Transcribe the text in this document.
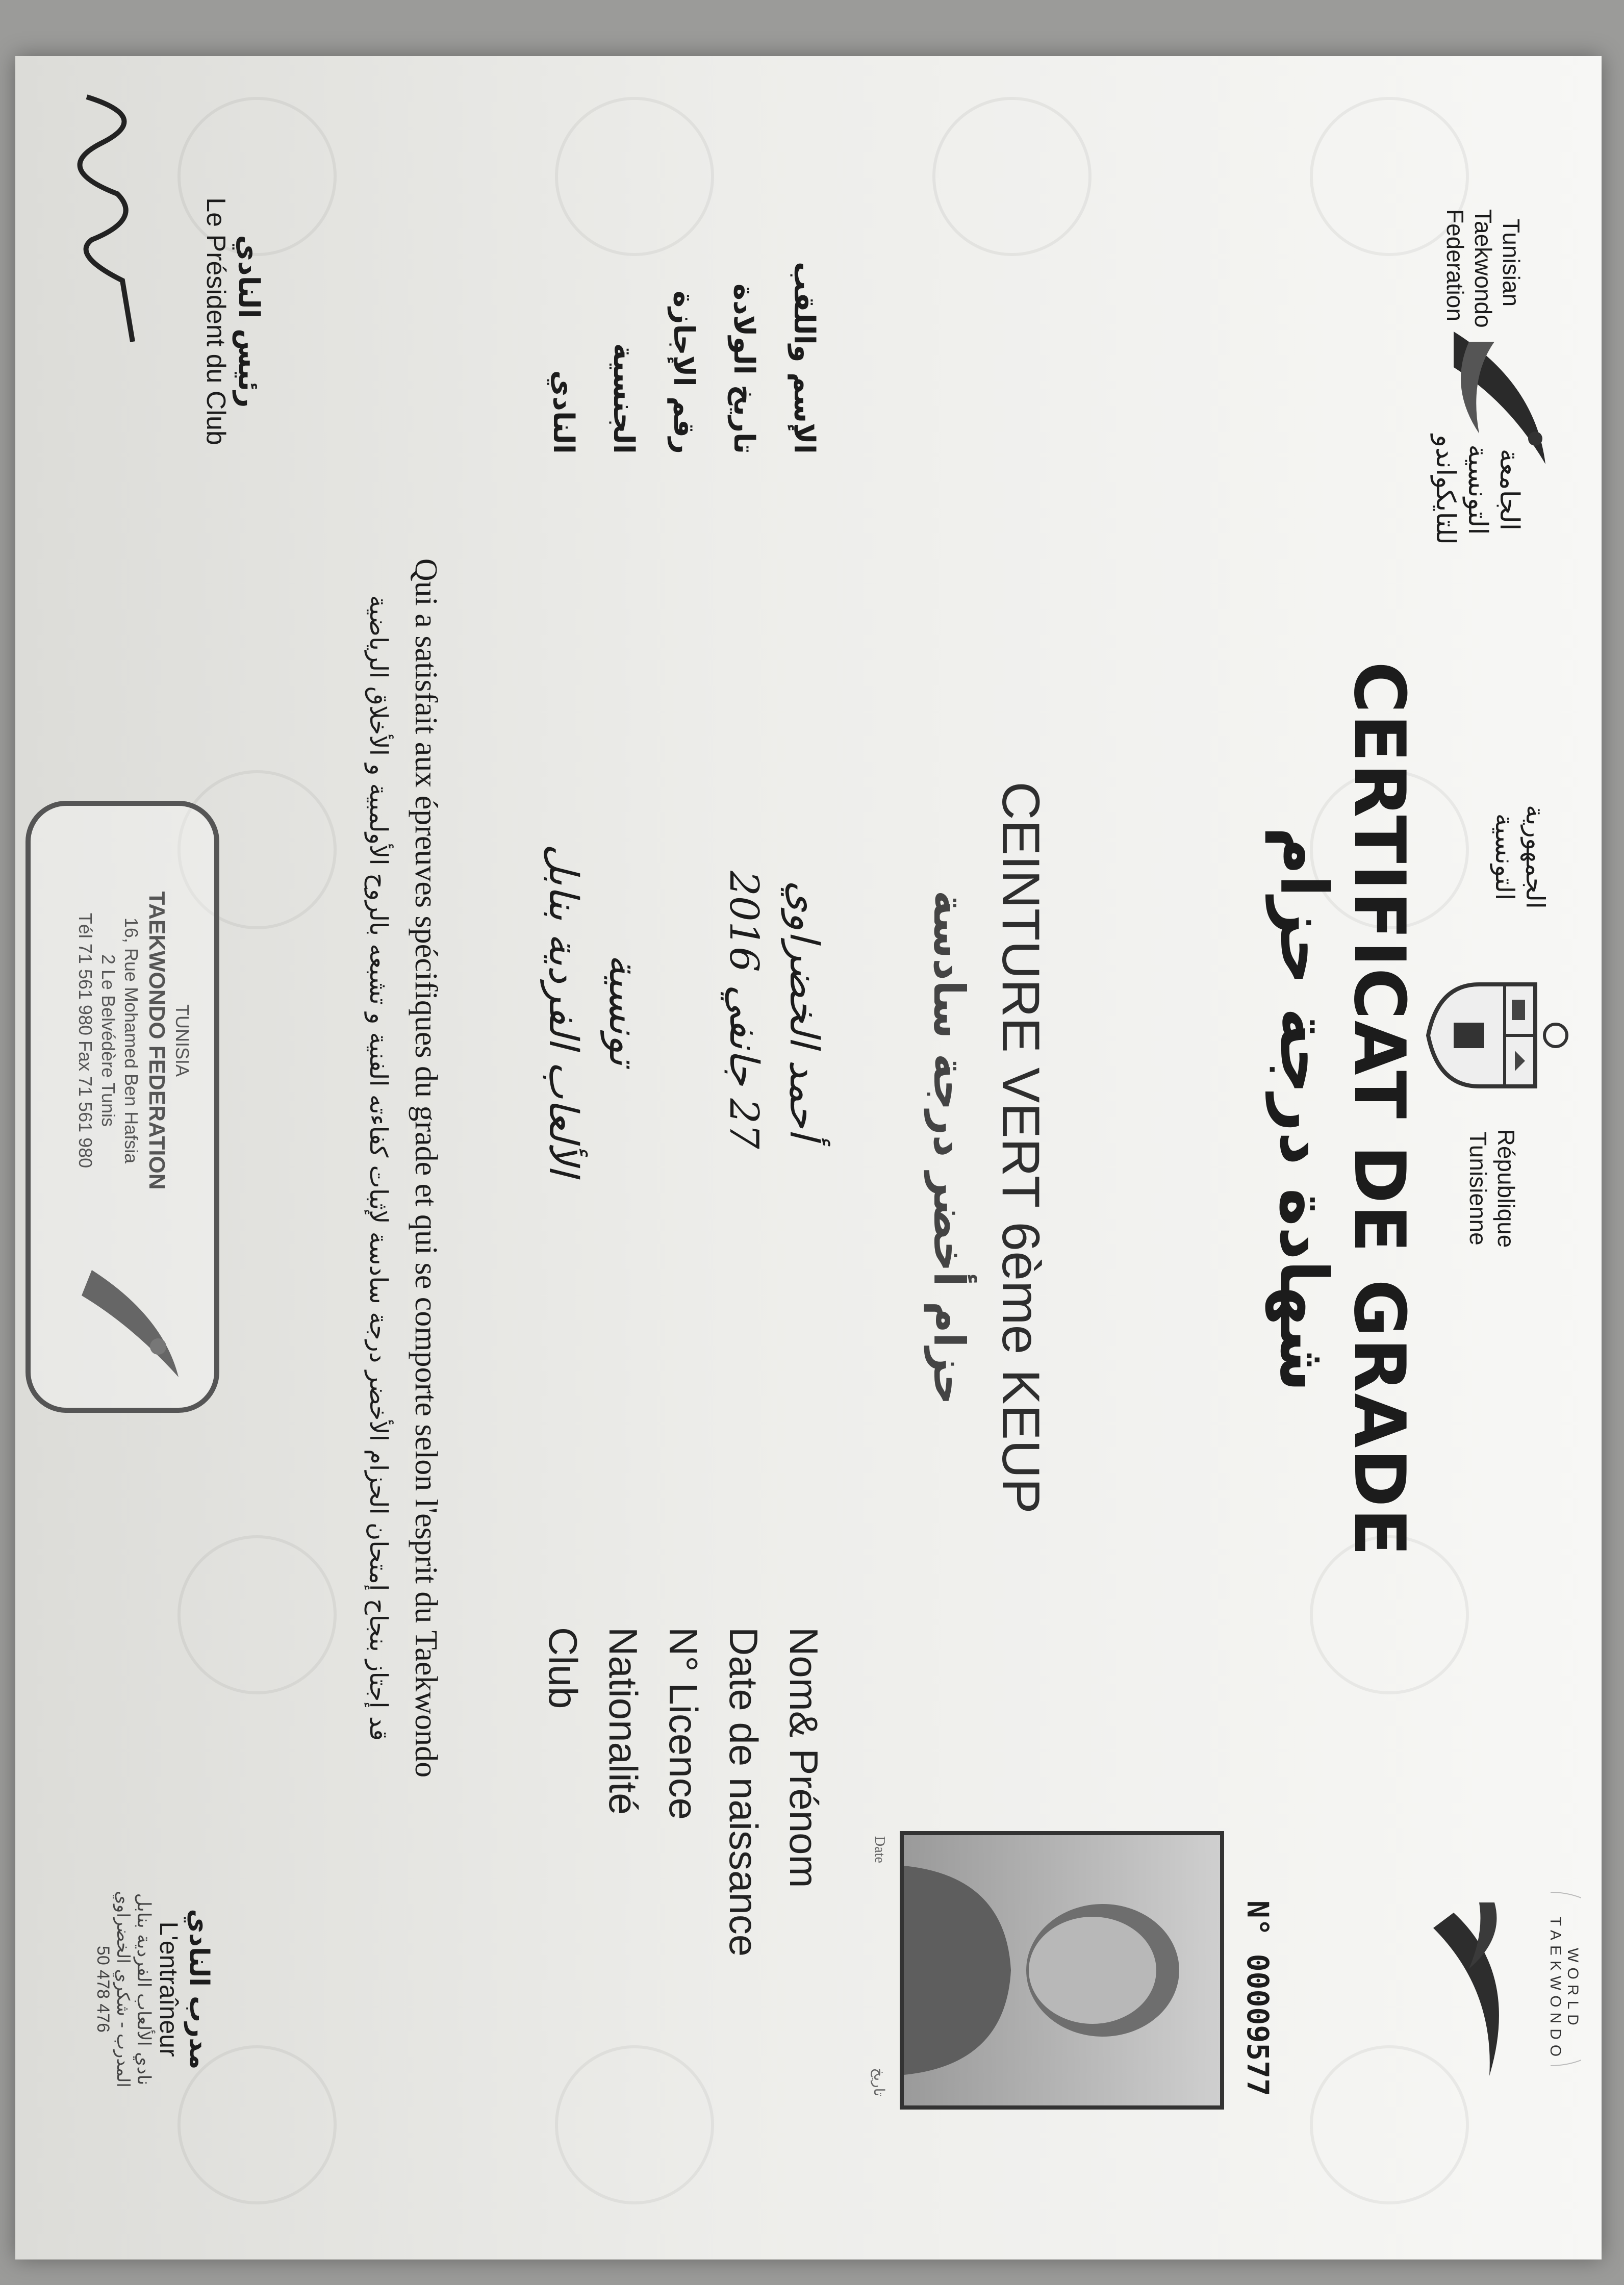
Tunisian Taekwondo Federation
الجامعة التونسية للتايكواندو
الجمهورية التونسية
République Tunisienne
WORLD TAEKWONDO
CERTIFICAT DE GRADE
شهادة درجة حزام
CEINTURE VERT 6ème KEUP
حزام أخضر درجة سادسة
N° 00009577
Date
تاريخ
الإسم واللقب
أحمد الخضراوي
Nom& Prénom
تاريخ الولادة
27 جانفي 2016
Date de naissance
رقم الإجازة
N° Licence
الجنسية
تونسية
Nationalité
النادي
الألعاب الفردية بنابل
Club
Qui a satisfait aux épreuves spécifiques du grade et qui se comporte selon l'esprit du Taekwondo
قد إجتاز بنجاح إمتحان الحزام الأخضر درجة سادسة لإثبات كفاءته الفنية و تشبعه بالروح الأولمبية و الأخلاق الرياضية
رئيس النادي
Le Président du Club
TUNISIA
TAEKWONDO FEDERATION
16, Rue Mohamed Ben Hafsia
2 Le Belvédère Tunis
Tél 71 561 980 Fax 71 561 980
مدرب النادي
L'entraîneur
نادي الألعاب الفردية بنابل
المدرب - شكري الخضراوي
50 478 476
